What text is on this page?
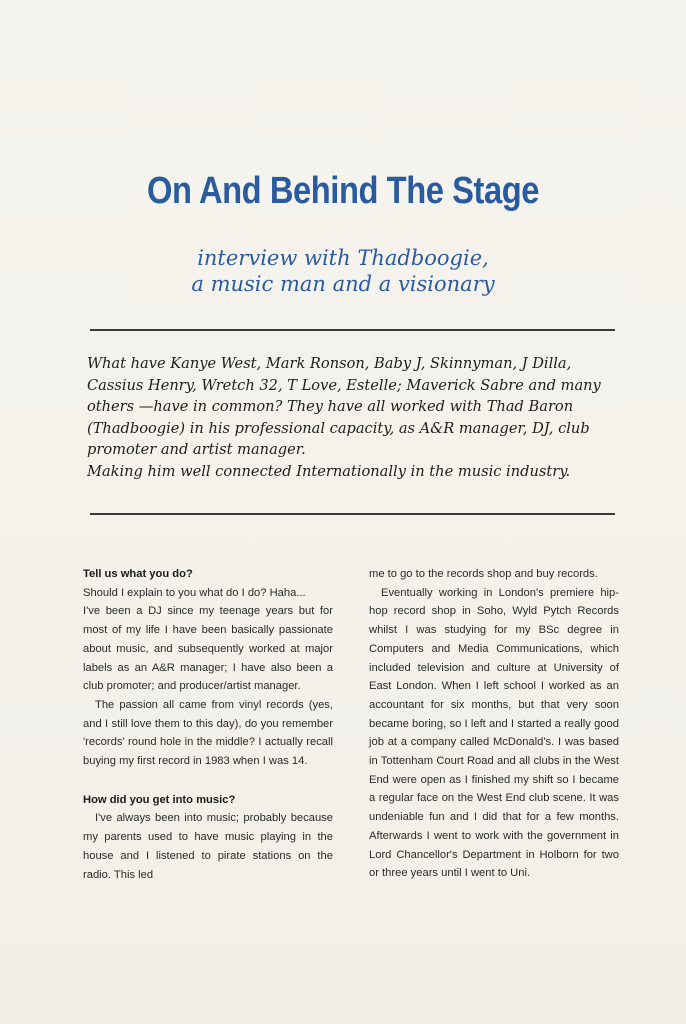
On And Behind The Stage
interview with Thadboogie,
a music man and a visionary

What have Kanye West, Mark Ronson, Baby J, Skinnyman, J Dilla, Cassius Henry, Wretch 32, T Love, Estelle; Maverick Sabre and many others —have in common? They have all worked with Thad Baron (Thadboogie) in his professional capacity, as A&R manager, DJ, club promoter and artist manager.

Making him well connected Internationally in the music industry.

Tell us what you do?

Should I explain to you what do I do? Haha...

I've been a DJ since my teenage years but for most of my life I have been basically passionate about music, and subsequently worked at major labels as an A&R manager; I have also been a club promoter; and producer/artist manager.

The passion all came from vinyl records (yes, and I still love them to this day), do you remember 'records' round hole in the middle? I actually recall buying my first record in 1983 when I was 14.

How did you get into music?

I've always been into music; probably because my parents used to have music playing in the house and I listened to pirate stations on the radio. This led

me to go to the records shop and buy records.

Eventually working in London's premiere hip-hop record shop in Soho, Wyld Pytch Records whilst I was studying for my BSc degree in Computers and Media Communications, which included television and culture at University of East London. When I left school I worked as an accountant for six months, but that very soon became boring, so I left and I started a really good job at a company called McDonald's. I was based in Tottenham Court Road and all clubs in the West End were open as I finished my shift so I became a regular face on the West End club scene. It was undeniable fun and I did that for a few months. Afterwards I went to work with the government in Lord Chancellor's Department in Holborn for two or three years until I went to Uni.
